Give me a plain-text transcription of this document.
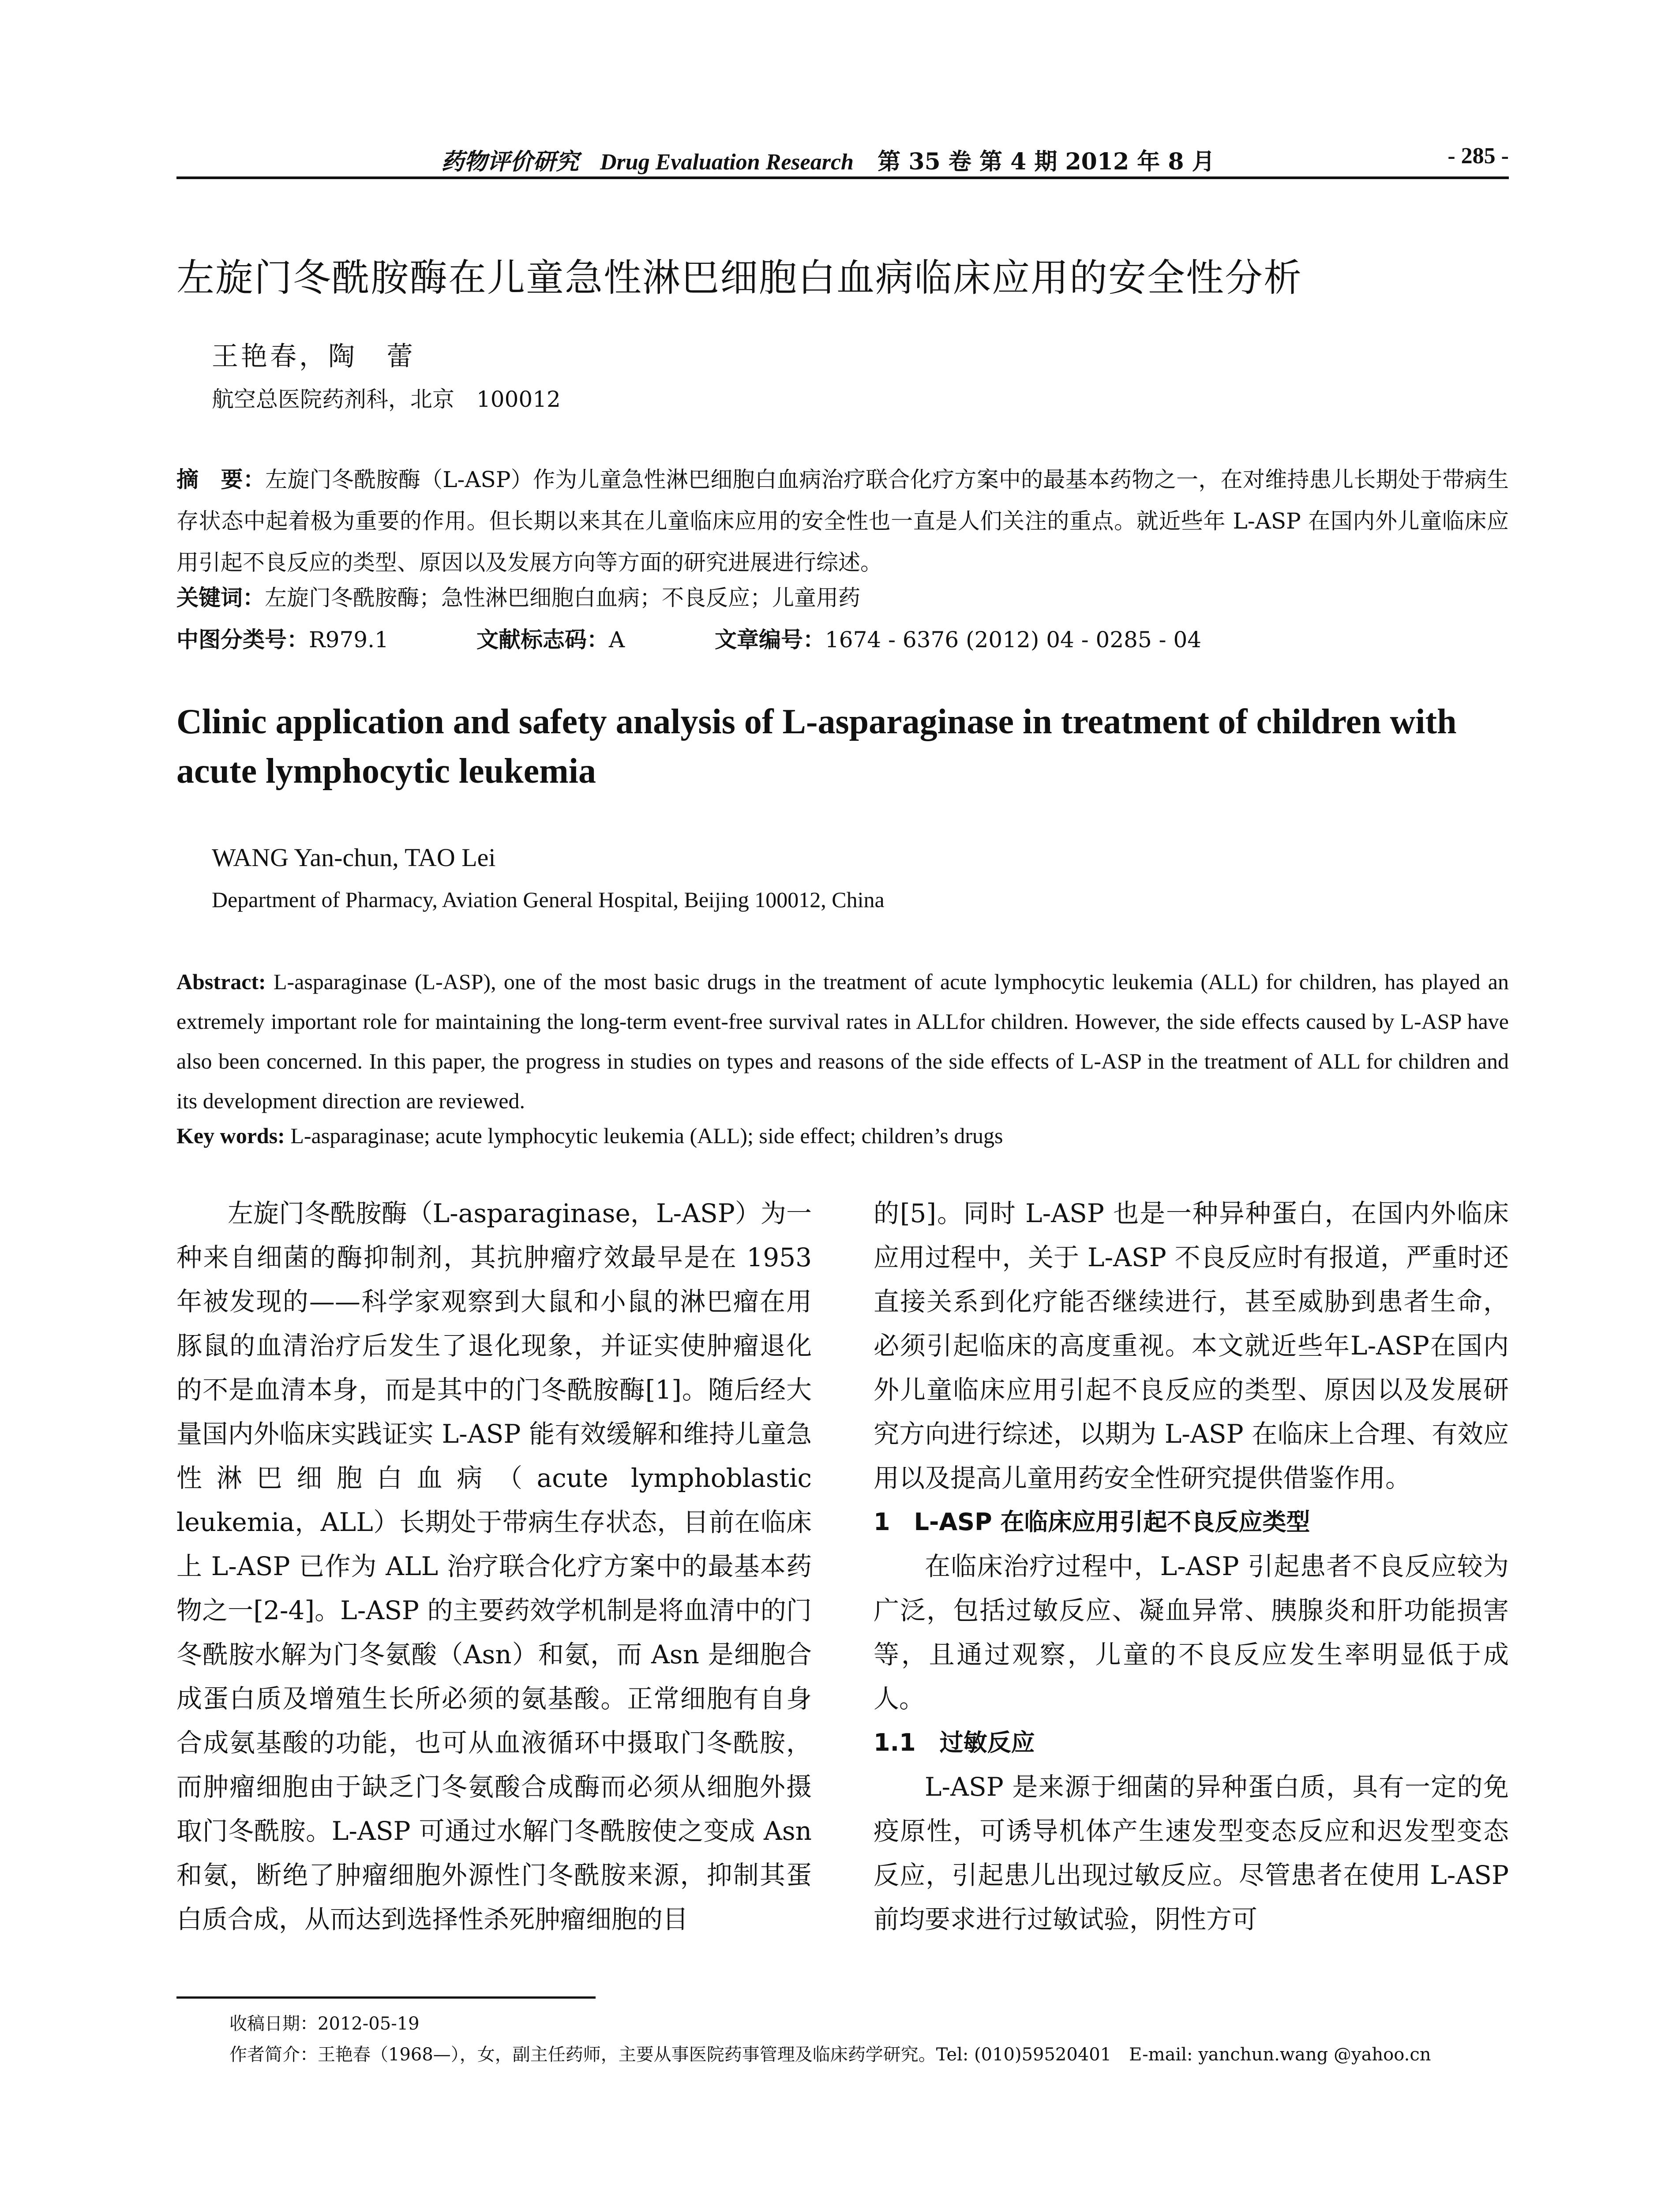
药物评价研究 Drug Evaluation Research 第 35 卷 第 4 期 2012 年 8 月	- 285 -
左旋门冬酰胺酶在儿童急性淋巴细胞白血病临床应用的安全性分析
王艳春，陶　蕾
航空总医院药剂科，北京　100012
摘　要：左旋门冬酰胺酶（L-ASP）作为儿童急性淋巴细胞白血病治疗联合化疗方案中的最基本药物之一，在对维持患儿长期处于带病生存状态中起着极为重要的作用。但长期以来其在儿童临床应用的安全性也一直是人们关注的重点。就近些年 L-ASP 在国内外儿童临床应用引起不良反应的类型、原因以及发展方向等方面的研究进展进行综述。
关键词：左旋门冬酰胺酶；急性淋巴细胞白血病；不良反应；儿童用药
中图分类号：R979.1	文献标志码：A	文章编号：1674 - 6376 (2012) 04 - 0285 - 04
Clinic application and safety analysis of L-asparaginase in treatment of children with acute lymphocytic leukemia
WANG Yan-chun, TAO Lei
Department of Pharmacy, Aviation General Hospital, Beijing 100012, China
Abstract: L-asparaginase (L-ASP), one of the most basic drugs in the treatment of acute lymphocytic leukemia (ALL) for children, has played an extremely important role for maintaining the long-term event-free survival rates in ALLfor children. However, the side effects caused by L-ASP have also been concerned. In this paper, the progress in studies on types and reasons of the side effects of L-ASP in the treatment of ALL for children and its development direction are reviewed.
Key words: L-asparaginase; acute lymphocytic leukemia (ALL); side effect; children’s drugs

左旋门冬酰胺酶（L-asparaginase，L-ASP）为一种来自细菌的酶抑制剂，其抗肿瘤疗效最早是在 1953 年被发现的——科学家观察到大鼠和小鼠的淋巴瘤在用豚鼠的血清治疗后发生了退化现象，并证实使肿瘤退化的不是血清本身，而是其中的门冬酰胺酶[1]。随后经大量国内外临床实践证实 L-ASP 能有效缓解和维持儿童急性淋巴细胞白血病（acute lymphoblastic leukemia，ALL）长期处于带病生存状态，目前在临床上 L-ASP 已作为 ALL 治疗联合化疗方案中的最基本药物之一[2-4]。L-ASP 的主要药效学机制是将血清中的门冬酰胺水解为门冬氨酸（Asn）和氨，而 Asn 是细胞合成蛋白质及增殖生长所必须的氨基酸。正常细胞有自身合成氨基酸的功能，也可从血液循环中摄取门冬酰胺，而肿瘤细胞由于缺乏门冬氨酸合成酶而必须从细胞外摄取门冬酰胺。L-ASP 可通过水解门冬酰胺使之变成 Asn 和氨，断绝了肿瘤细胞外源性门冬酰胺来源，抑制其蛋白质合成，从而达到选择性杀死肿瘤细胞的目

的[5]。同时 L-ASP 也是一种异种蛋白，在国内外临床应用过程中，关于 L-ASP 不良反应时有报道，严重时还直接关系到化疗能否继续进行，甚至威胁到患者生命，必须引起临床的高度重视。本文就近些年L-ASP在国内外儿童临床应用引起不良反应的类型、原因以及发展研究方向进行综述，以期为 L-ASP 在临床上合理、有效应用以及提高儿童用药安全性研究提供借鉴作用。

1　L-ASP 在临床应用引起不良反应类型

在临床治疗过程中，L-ASP 引起患者不良反应较为广泛，包括过敏反应、凝血异常、胰腺炎和肝功能损害等，且通过观察，儿童的不良反应发生率明显低于成人。

1.1　过敏反应

L-ASP 是来源于细菌的异种蛋白质，具有一定的免疫原性，可诱导机体产生速发型变态反应和迟发型变态反应，引起患儿出现过敏反应。尽管患者在使用 L-ASP 前均要求进行过敏试验，阴性方可

收稿日期：2012-05-19
作者简介：王艳春（1968—），女，副主任药师，主要从事医院药事管理及临床药学研究。Tel: (010)59520401　E-mail: yanchun.wang @yahoo.cn
